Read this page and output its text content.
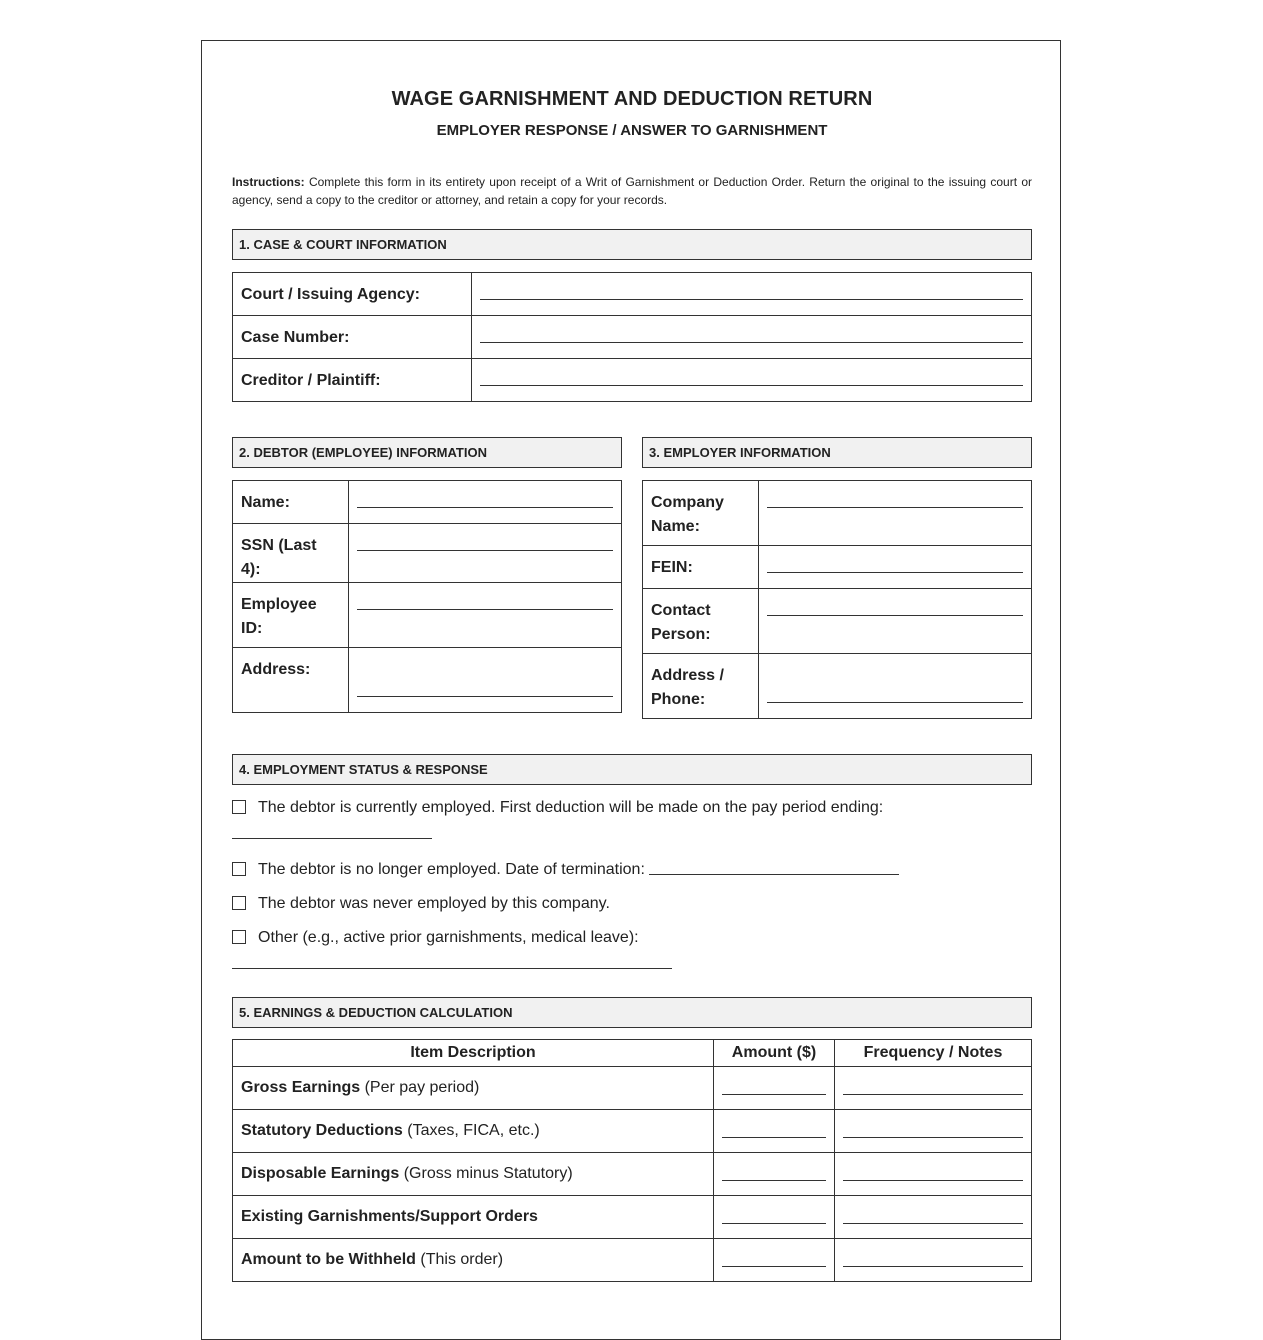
WAGE GARNISHMENT AND DEDUCTION RETURN
EMPLOYER RESPONSE / ANSWER TO GARNISHMENT
Instructions: Complete this form in its entirety upon receipt of a Writ of Garnishment or Deduction Order. Return the original to the issuing court or agency, send a copy to the creditor or attorney, and retain a copy for your records.
1. CASE & COURT INFORMATION
Court / Issuing Agency:	

Case Number:	

Creditor / Plaintiff:	
2. DEBTOR (EMPLOYEE) INFORMATION
Name:	

SSN (Last 4):	

Employee ID:	

Address:	
3. EMPLOYER INFORMATION
Company Name:	

FEIN:	

Contact Person:	

Address / Phone:	
4. EMPLOYMENT STATUS & RESPONSE
The debtor is currently employed. First deduction will be made on the pay period ending:
The debtor is no longer employed. Date of termination:
The debtor was never employed by this company.
Other (e.g., active prior garnishments, medical leave):
5. EARNINGS & DEDUCTION CALCULATION
Item Description	Amount ($)	Frequency / Notes
Gross Earnings (Per pay period)	

Statutory Deductions (Taxes, FICA, etc.)	

Disposable Earnings (Gross minus Statutory)	

Existing Garnishments/Support Orders	

Amount to be Withheld (This order)	
